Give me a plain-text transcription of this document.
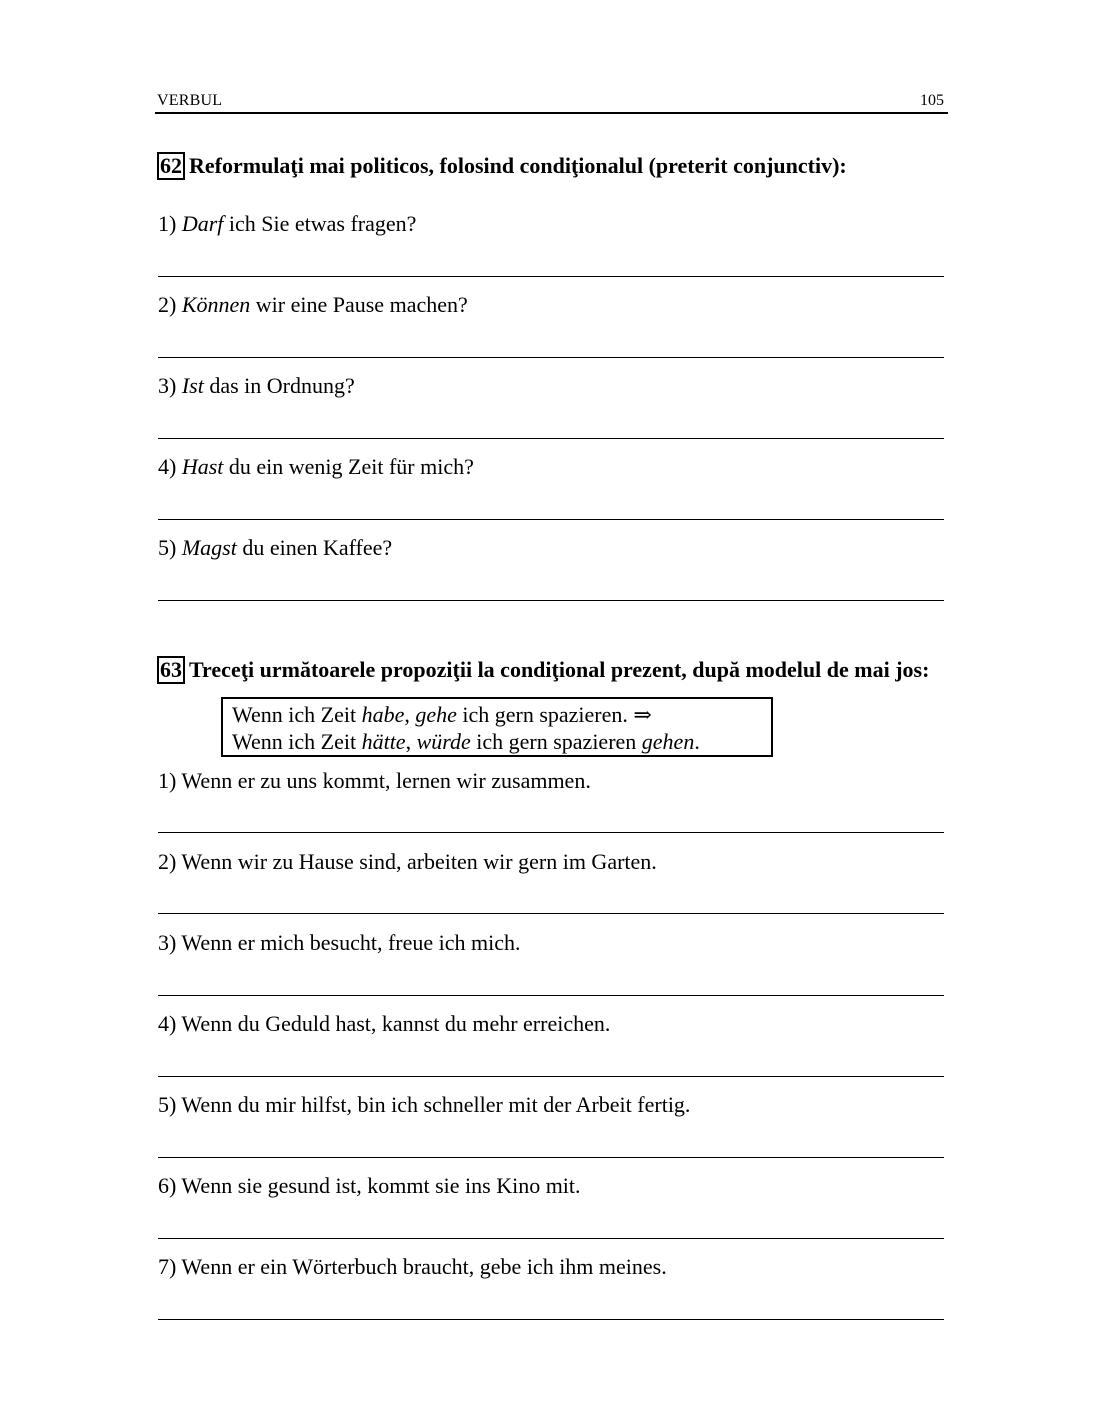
VERBUL	105
62 Reformulaţi mai politicos, folosind condiţionalul (preterit conjunctiv):
1) Darf ich Sie etwas fragen?
2) Können wir eine Pause machen?
3) Ist das in Ordnung?
4) Hast du ein wenig Zeit für mich?
5) Magst du einen Kaffee?
63 Treceţi următoarele propoziţii la condiţional prezent, după modelul de mai jos:
Wenn ich Zeit habe, gehe ich gern spazieren. ⇒
Wenn ich Zeit hätte, würde ich gern spazieren gehen.
1) Wenn er zu uns kommt, lernen wir zusammen.
2) Wenn wir zu Hause sind, arbeiten wir gern im Garten.
3) Wenn er mich besucht, freue ich mich.
4) Wenn du Geduld hast, kannst du mehr erreichen.
5) Wenn du mir hilfst, bin ich schneller mit der Arbeit fertig.
6) Wenn sie gesund ist, kommt sie ins Kino mit.
7) Wenn er ein Wörterbuch braucht, gebe ich ihm meines.
